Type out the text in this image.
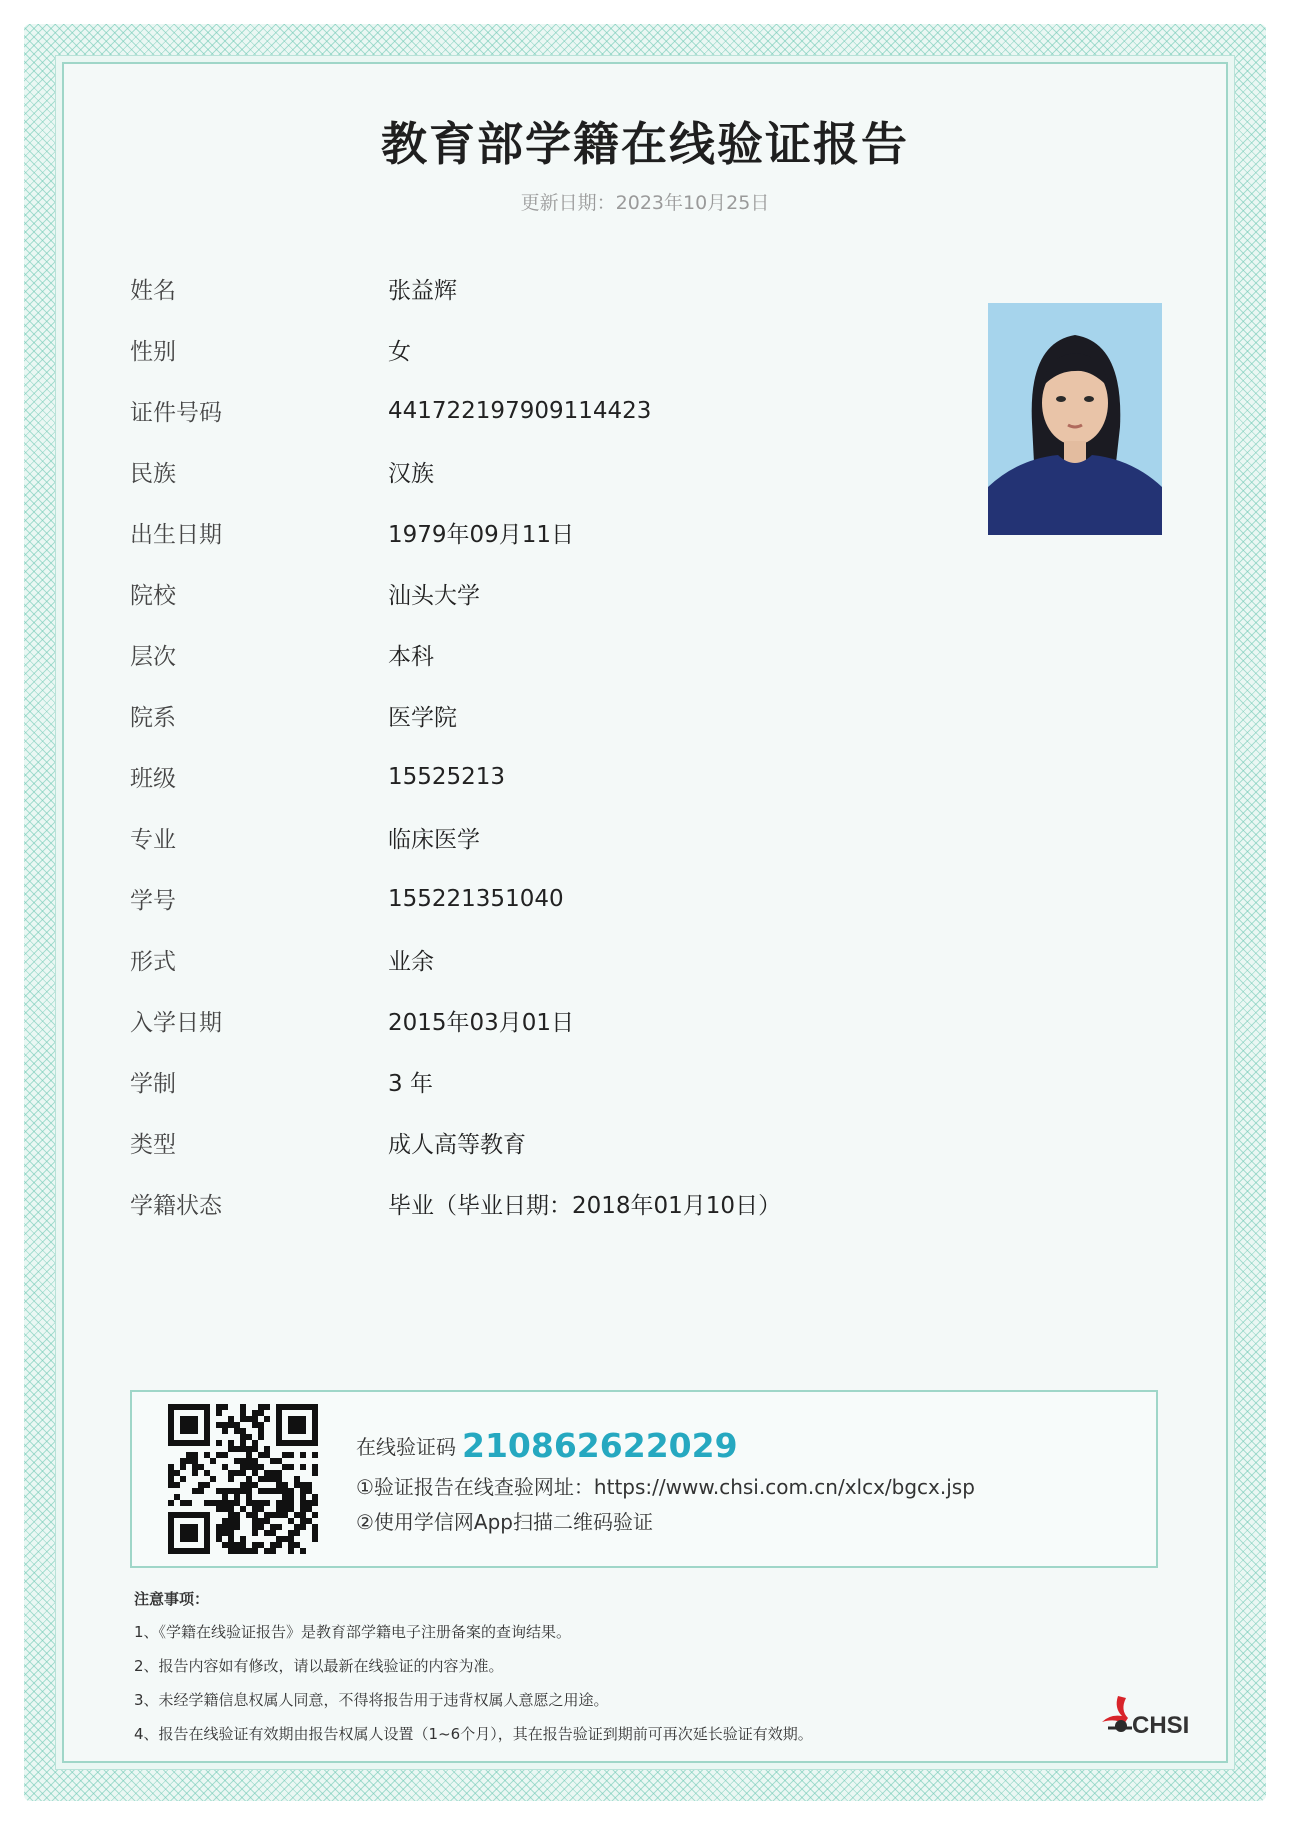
教育部学籍在线验证报告
更新日期：2023年10月25日
姓名	张益辉
性别	女
证件号码	441722197909114423
民族	汉族
出生日期	1979年09月11日
院校	汕头大学
层次	本科
院系	医学院
班级	15525213
专业	临床医学
学号	155221351040
形式	业余
入学日期	2015年03月01日
学制	3 年
类型	成人高等教育
学籍状态	毕业（毕业日期：2018年01月10日）
在线验证码 210862622029
①验证报告在线查验网址：https://www.chsi.com.cn/xlcx/bgcx.jsp
②使用学信网App扫描二维码验证
注意事项：
1、《学籍在线验证报告》是教育部学籍电子注册备案的查询结果。
2、报告内容如有修改，请以最新在线验证的内容为准。
3、未经学籍信息权属人同意，不得将报告用于违背权属人意愿之用途。
4、报告在线验证有效期由报告权属人设置（1~6个月），其在报告验证到期前可再次延长验证有效期。	CHSI
